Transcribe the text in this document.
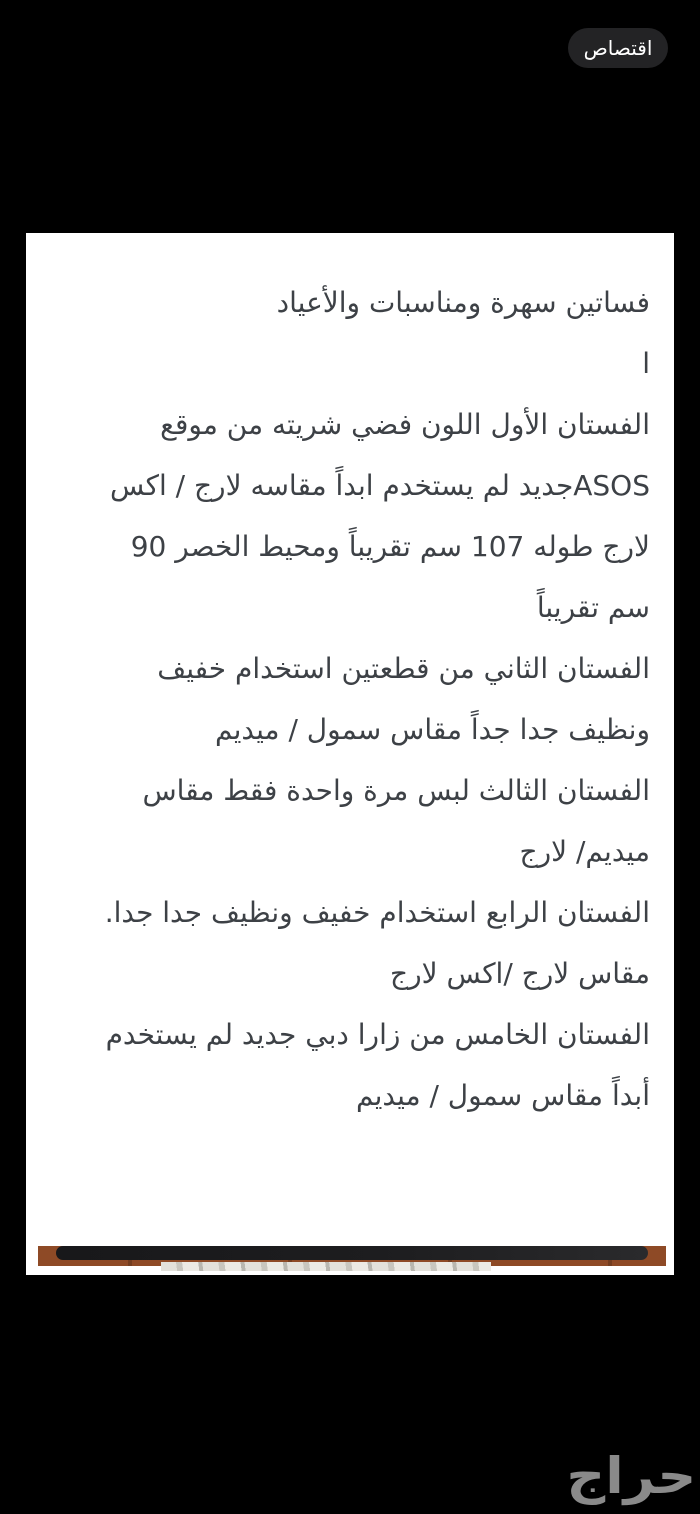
اقتصاص
فساتين سهرة ومناسبات والأعياد
ا
الفستان الأول اللون فضي شريته من موقع
ASOSجديد لم يستخدم ابداً مقاسه لارج / اكس
لارج طوله 107 سم تقريباً ومحيط الخصر 90
سم تقريباً
الفستان الثاني من قطعتين استخدام خفيف
ونظيف جدا جداً مقاس سمول / ميديم
الفستان الثالث لبس مرة واحدة فقط مقاس
ميديم/ لارج
الفستان الرابع استخدام خفيف ونظيف جدا جدا.
مقاس لارج /اكس لارج
الفستان الخامس من زارا دبي جديد لم يستخدم
أبداً مقاس سمول / ميديم
حراج
